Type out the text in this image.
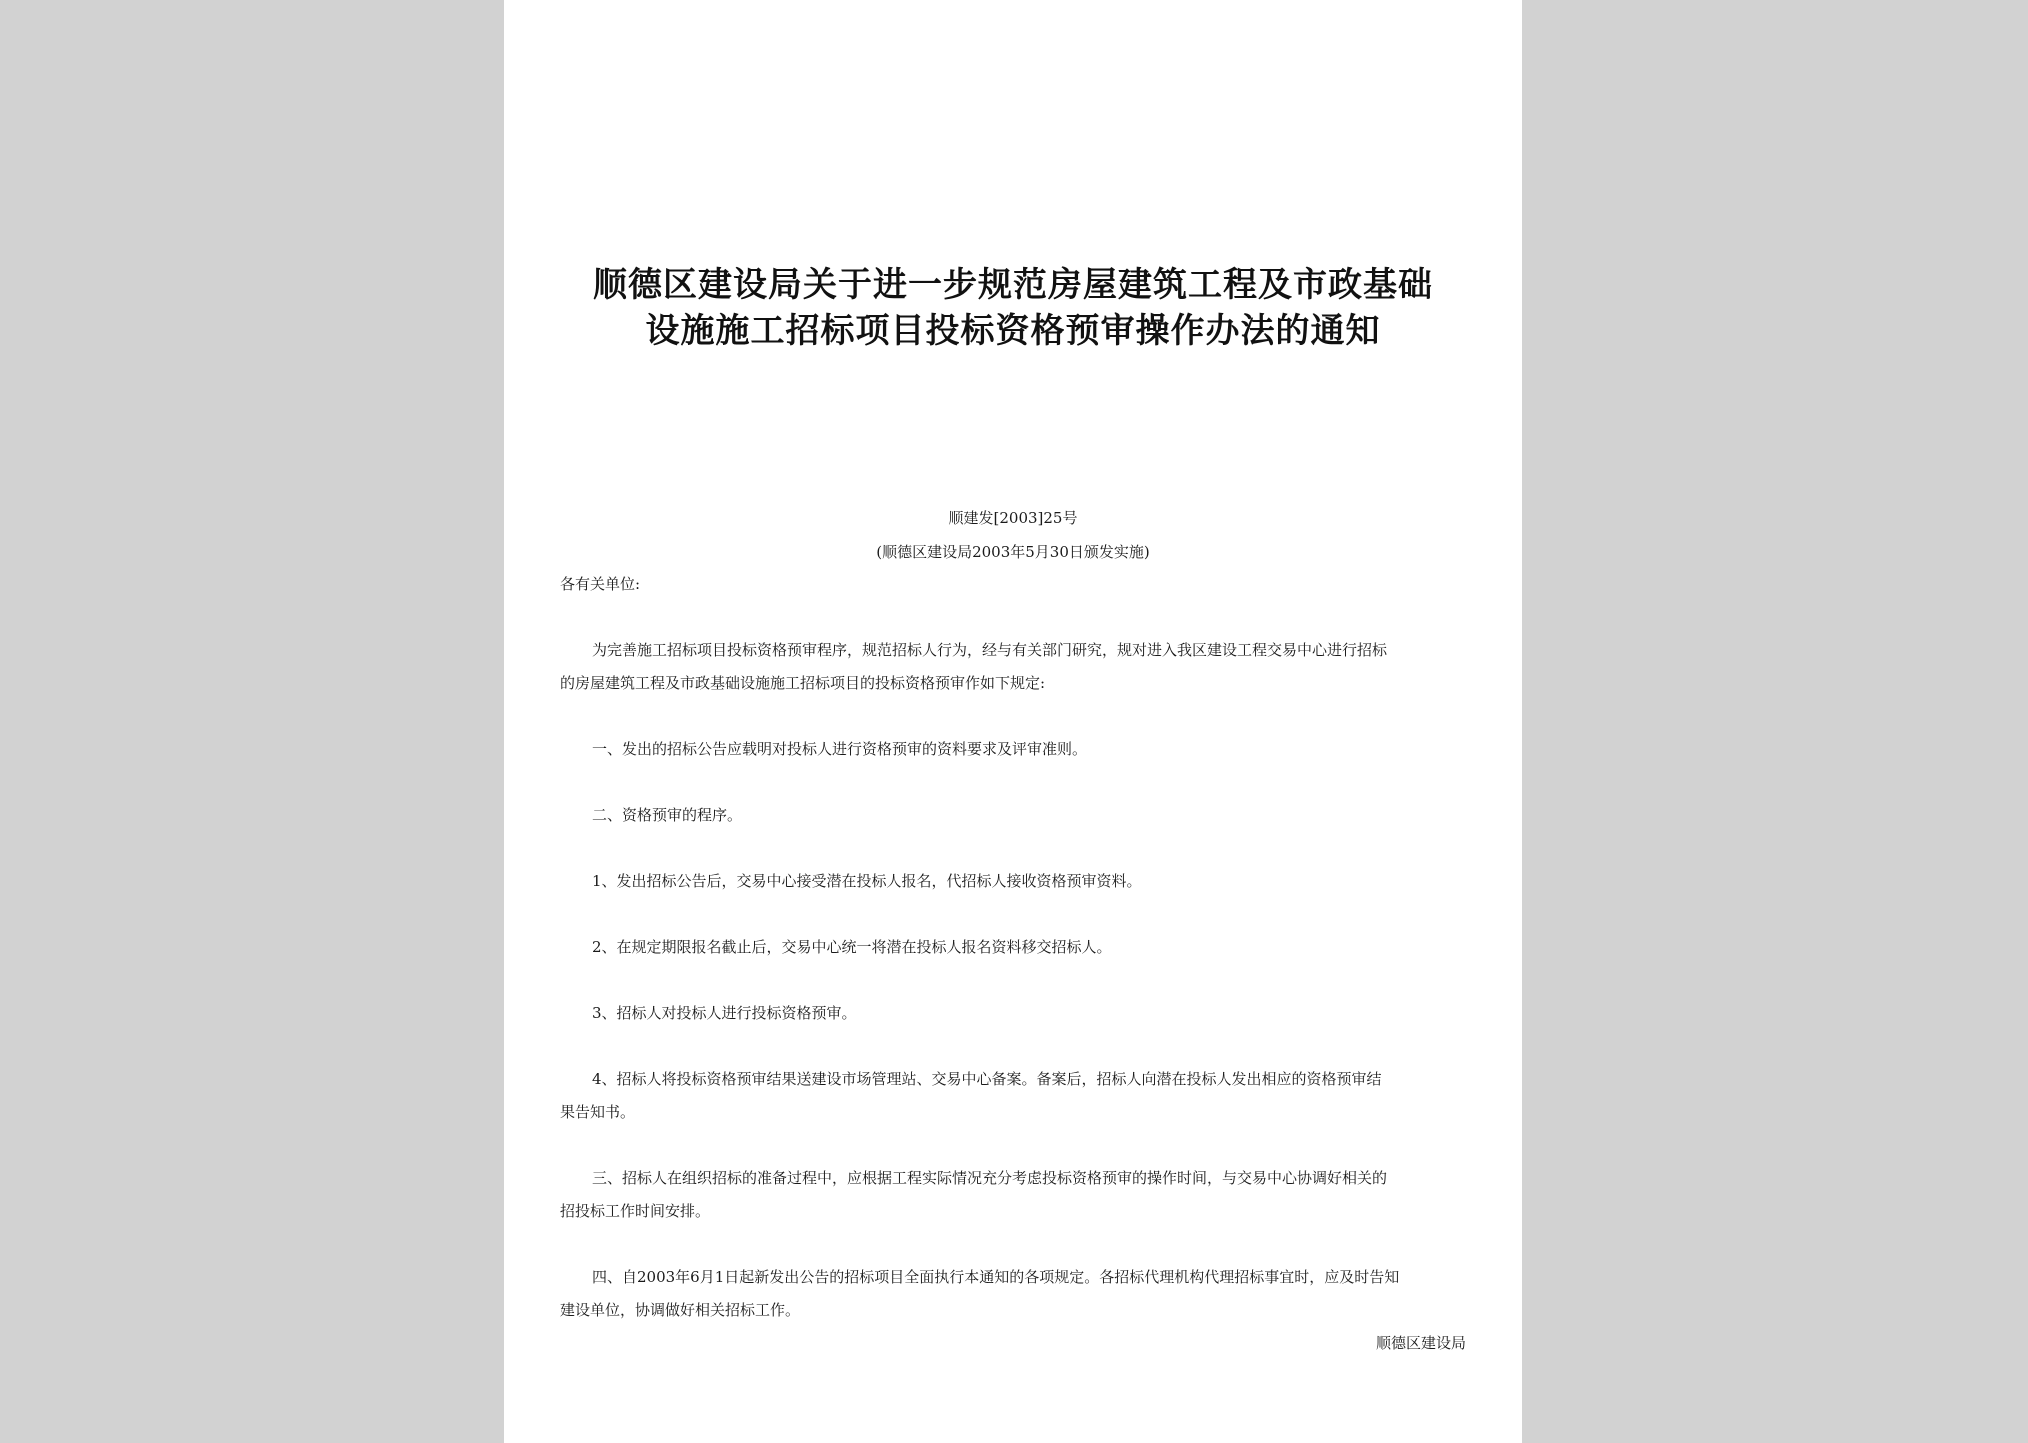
顺德区建设局关于进一步规范房屋建筑工程及市政基础
设施施工招标项目投标资格预审操作办法的通知
顺建发[2003]25号
(顺德区建设局2003年5月30日颁发实施)
各有关单位:
为完善施工招标项目投标资格预审程序，规范招标人行为，经与有关部门研究，规对进入我区建设工程交易中心进行招标
的房屋建筑工程及市政基础设施施工招标项目的投标资格预审作如下规定:
一、发出的招标公告应载明对投标人进行资格预审的资料要求及评审准则。
二、资格预审的程序。
1、发出招标公告后，交易中心接受潜在投标人报名，代招标人接收资格预审资料。
2、在规定期限报名截止后，交易中心统一将潜在投标人报名资料移交招标人。
3、招标人对投标人进行投标资格预审。
4、招标人将投标资格预审结果送建设市场管理站、交易中心备案。备案后，招标人向潜在投标人发出相应的资格预审结
果告知书。
三、招标人在组织招标的准备过程中，应根据工程实际情况充分考虑投标资格预审的操作时间，与交易中心协调好相关的
招投标工作时间安排。
四、自2003年6月1日起新发出公告的招标项目全面执行本通知的各项规定。各招标代理机构代理招标事宜时，应及时告知
建设单位，协调做好相关招标工作。
顺德区建设局
